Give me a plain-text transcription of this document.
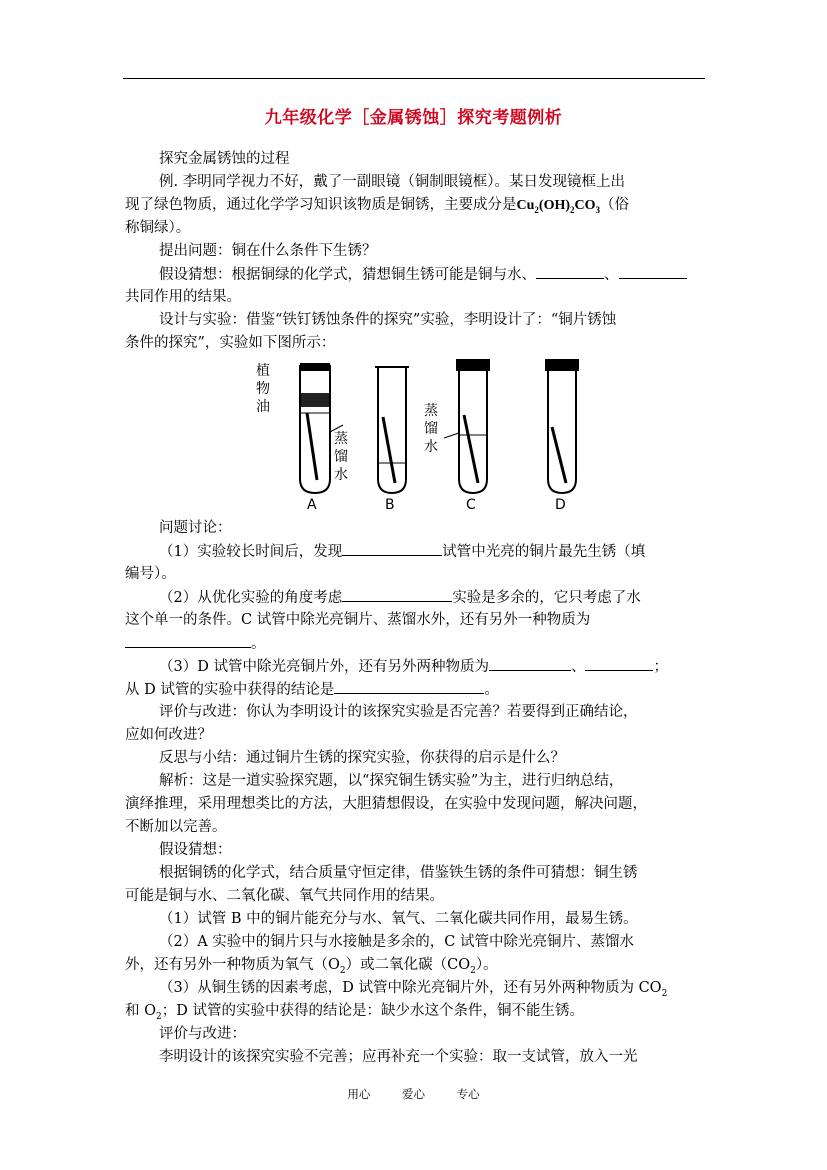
九年级化学［金属锈蚀］探究考题例析
探究金属锈蚀的过程
例. 李明同学视力不好，戴了一副眼镜（铜制眼镜框）。某日发现镜框上出
现了绿色物质，通过化学学习知识该物质是铜锈，主要成分是$Cu_2(OH)_2CO_3$（俗
称铜绿）。
提出问题：铜在什么条件下生锈？
假设猜想：根据铜绿的化学式，猜想铜生锈可能是铜与水、	、
共同作用的结果。
设计与实验：借鉴“铁钉锈蚀条件的探究”实验，李明设计了：“铜片锈蚀
条件的探究”，实验如下图所示：
植
物
油
蒸
馏
水
蒸
馏
水
A	B	C	D
问题讨论：
（1）实验较长时间后，发现	试管中光亮的铜片最先生锈（填
编号）。
（2）从优化实验的角度考虑	实验是多余的，它只考虑了水
这个单一的条件。C 试管中除光亮铜片、蒸馏水外，还有另外一种物质为
。
（3）D 试管中除光亮铜片外，还有另外两种物质为	、	；
从 D 试管的实验中获得的结论是	。
评价与改进：你认为李明设计的该探究实验是否完善？若要得到正确结论，
应如何改进？
反思与小结：通过铜片生锈的探究实验，你获得的启示是什么？
解析：这是一道实验探究题，以“探究铜生锈实验”为主，进行归纳总结，
演绎推理，采用理想类比的方法，大胆猜想假设，在实验中发现问题，解决问题，
不断加以完善。
假设猜想：
根据铜锈的化学式，结合质量守恒定律，借鉴铁生锈的条件可猜想：铜生锈
可能是铜与水、二氧化碳、氧气共同作用的结果。
（1）试管 B 中的铜片能充分与水、氧气、二氧化碳共同作用，最易生锈。
（2）A 实验中的铜片只与水接触是多余的，C 试管中除光亮铜片、蒸馏水
外，还有另外一种物质为氧气$(O_2)$或二氧化碳$(CO_2)$。
（3）从铜生锈的因素考虑，D 试管中除光亮铜片外，还有另外两种物质为 $CO_2$
和 $O_2$；D 试管的实验中获得的结论是：缺少水这个条件，铜不能生锈。
评价与改进：
李明设计的该探究实验不完善；应再补充一个实验：取一支试管，放入一光
用心	爱心	专心
